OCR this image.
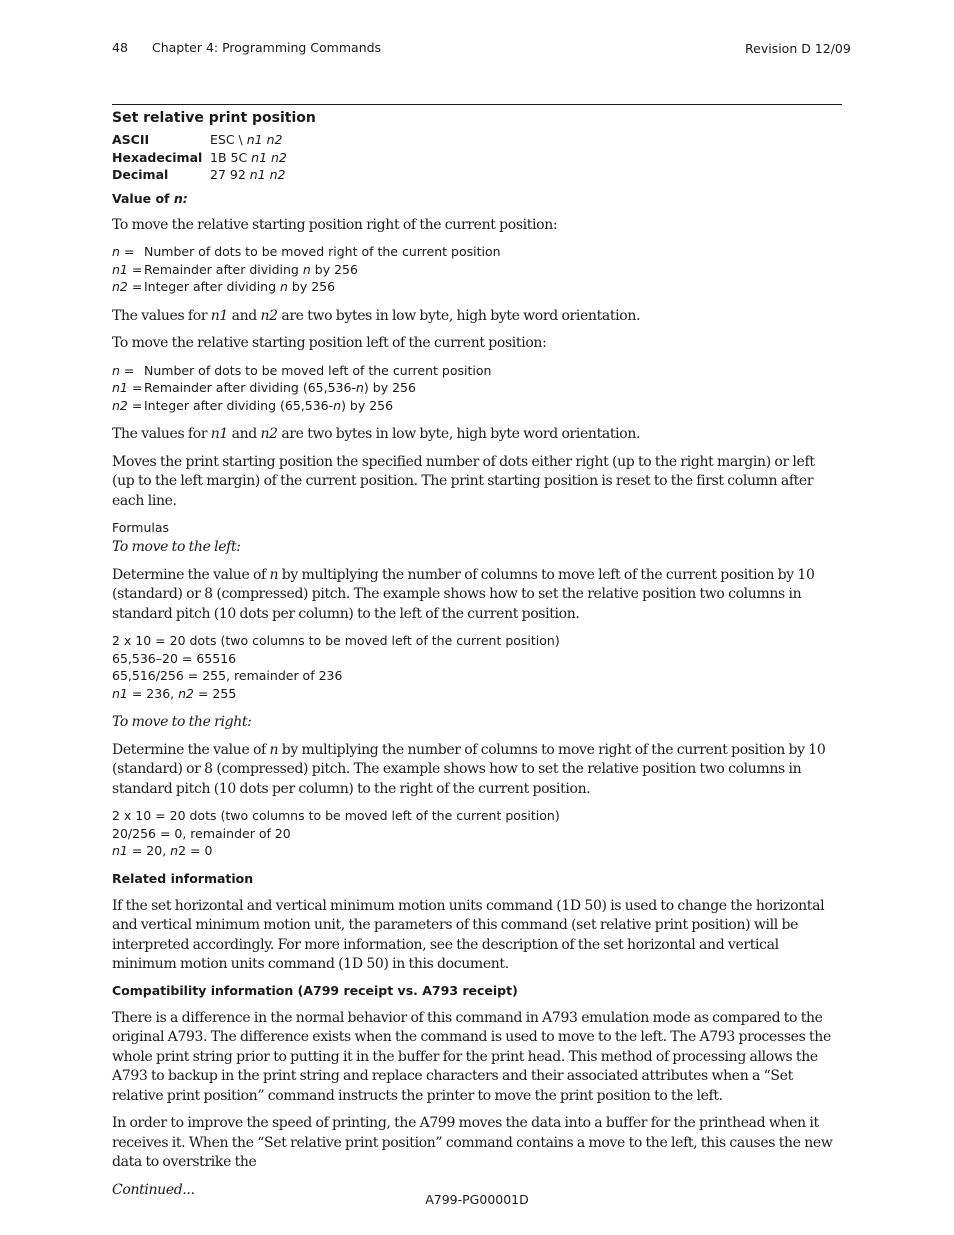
48 Chapter 4: Programming Commands	Revision D 12/09
Set relative print position
ASCII	ESC \ n1 n2
Hexadecimal	1B 5C n1 n2
Decimal	27 92 n1 n2
Value of n:
To move the relative starting position right of the current position:
n = Number of dots to be moved right of the current position
n1 = Remainder after dividing n by 256
n2 = Integer after dividing n by 256
The values for n1 and n2 are two bytes in low byte, high byte word orientation.
To move the relative starting position left of the current position:
n = Number of dots to be moved left of the current position
n1 = Remainder after dividing (65,536-n) by 256
n2 = Integer after dividing (65,536-n) by 256
The values for n1 and n2 are two bytes in low byte, high byte word orientation.
Moves the print starting position the specified number of dots either right (up to the right margin) or left (up to the left margin) of the current position. The print starting position is reset to the first column after each line.
Formulas
To move to the left:
Determine the value of n by multiplying the number of columns to move left of the current position by 10 (standard) or 8 (compressed) pitch. The example shows how to set the relative position two columns in standard pitch (10 dots per column) to the left of the current position.
2 x 10 = 20 dots (two columns to be moved left of the current position)
65,536–20 = 65516
65,516/256 = 255, remainder of 236
n1 = 236, n2 = 255
To move to the right:
Determine the value of n by multiplying the number of columns to move right of the current position by 10 (standard) or 8 (compressed) pitch. The example shows how to set the relative position two columns in standard pitch (10 dots per column) to the right of the current position.
2 x 10 = 20 dots (two columns to be moved left of the current position)
20/256 = 0, remainder of 20
n1 = 20, n2 = 0
Related information
If the set horizontal and vertical minimum motion units command (1D 50) is used to change the horizontal and vertical minimum motion unit, the parameters of this command (set relative print position) will be interpreted accordingly. For more information, see the description of the set horizontal and vertical minimum motion units command (1D 50) in this document.
Compatibility information (A799 receipt vs. A793 receipt)
There is a difference in the normal behavior of this command in A793 emulation mode as compared to the original A793. The difference exists when the command is used to move to the left. The A793 processes the whole print string prior to putting it in the buffer for the print head. This method of processing allows the A793 to backup in the print string and replace characters and their associated attributes when a “Set relative print position” command instructs the printer to move the print position to the left.
In order to improve the speed of printing, the A799 moves the data into a buffer for the printhead when it receives it. When the “Set relative print position” command contains a move to the left, this causes the new data to overstrike the
Continued...
A799-PG00001D
